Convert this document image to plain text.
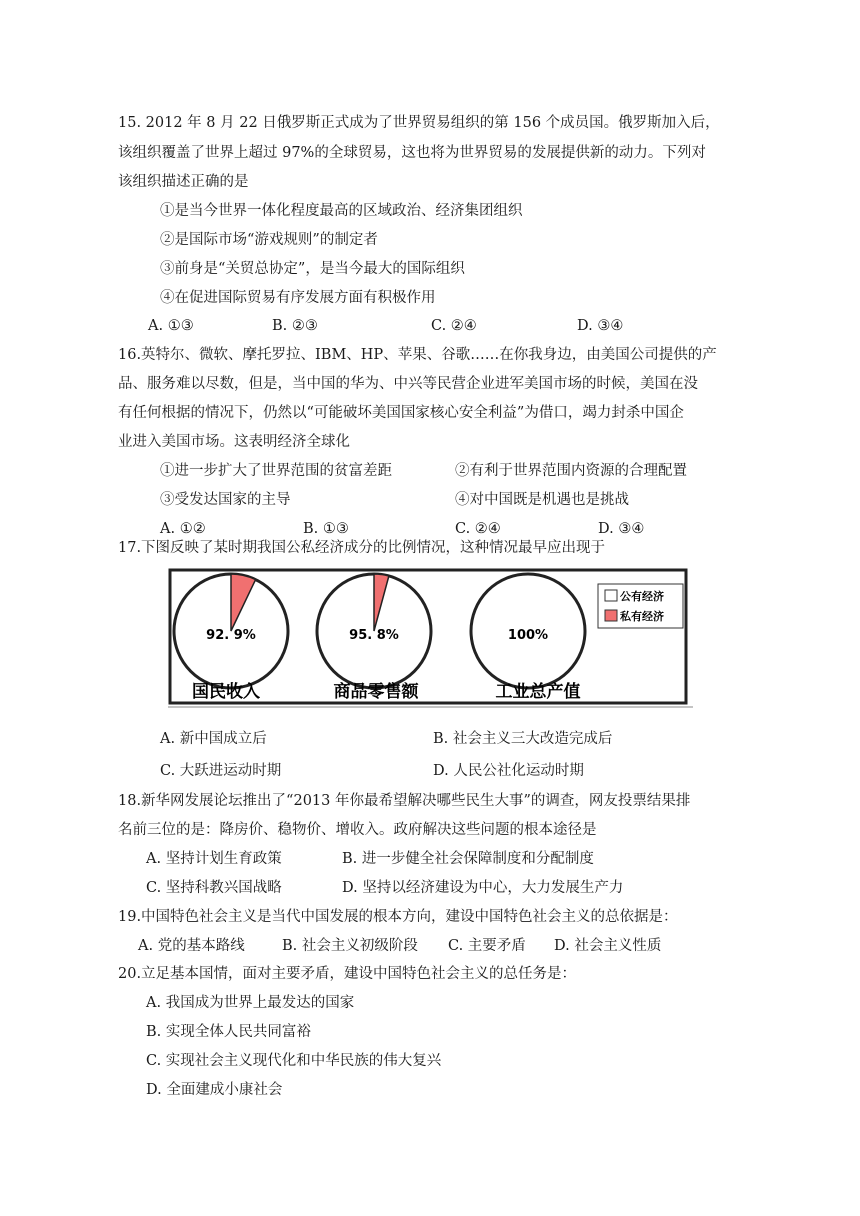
15. 2012 年 8 月 22 日俄罗斯正式成为了世界贸易组织的第 156 个成员国。俄罗斯加入后，
该组织覆盖了世界上超过 97%的全球贸易，这也将为世界贸易的发展提供新的动力。下列对
该组织描述正确的是
①是当今世界一体化程度最高的区域政治、经济集团组织
②是国际市场“游戏规则”的制定者
③前身是“关贸总协定”，是当今最大的国际组织
④在促进国际贸易有序发展方面有积极作用
A. ①③	B. ②③	C. ②④	D. ③④
16.英特尔、微软、摩托罗拉、IBM、HP、苹果、谷歌……在你我身边，由美国公司提供的产
品、服务难以尽数，但是，当中国的华为、中兴等民营企业进军美国市场的时候，美国在没
有任何根据的情况下，仍然以“可能破坏美国国家核心安全利益”为借口，竭力封杀中国企
业进入美国市场。这表明经济全球化
①进一步扩大了世界范围的贫富差距	②有利于世界范围内资源的合理配置
③受发达国家的主导	④对中国既是机遇也是挑战
A. ①②	B. ①③	C. ②④	D. ③④
17.下图反映了某时期我国公私经济成分的比例情况，这种情况最早应出现于
92. 9%	95. 8%	100%
国民收入	商品零售额	工业总产值
公有经济
私有经济
A. 新中国成立后	B. 社会主义三大改造完成后
C. 大跃进运动时期	D. 人民公社化运动时期
18.新华网发展论坛推出了“2013 年你最希望解决哪些民生大事”的调查，网友投票结果排
名前三位的是：降房价、稳物价、增收入。政府解决这些问题的根本途径是
A. 坚持计划生育政策	B. 进一步健全社会保障制度和分配制度
C. 坚持科教兴国战略	D. 坚持以经济建设为中心，大力发展生产力
19.中国特色社会主义是当代中国发展的根本方向，建设中国特色社会主义的总依据是：
A. 党的基本路线	B. 社会主义初级阶段 C. 主要矛盾 D. 社会主义性质
20.立足基本国情，面对主要矛盾，建设中国特色社会主义的总任务是：
A. 我国成为世界上最发达的国家
B. 实现全体人民共同富裕
C. 实现社会主义现代化和中华民族的伟大复兴
D. 全面建成小康社会
